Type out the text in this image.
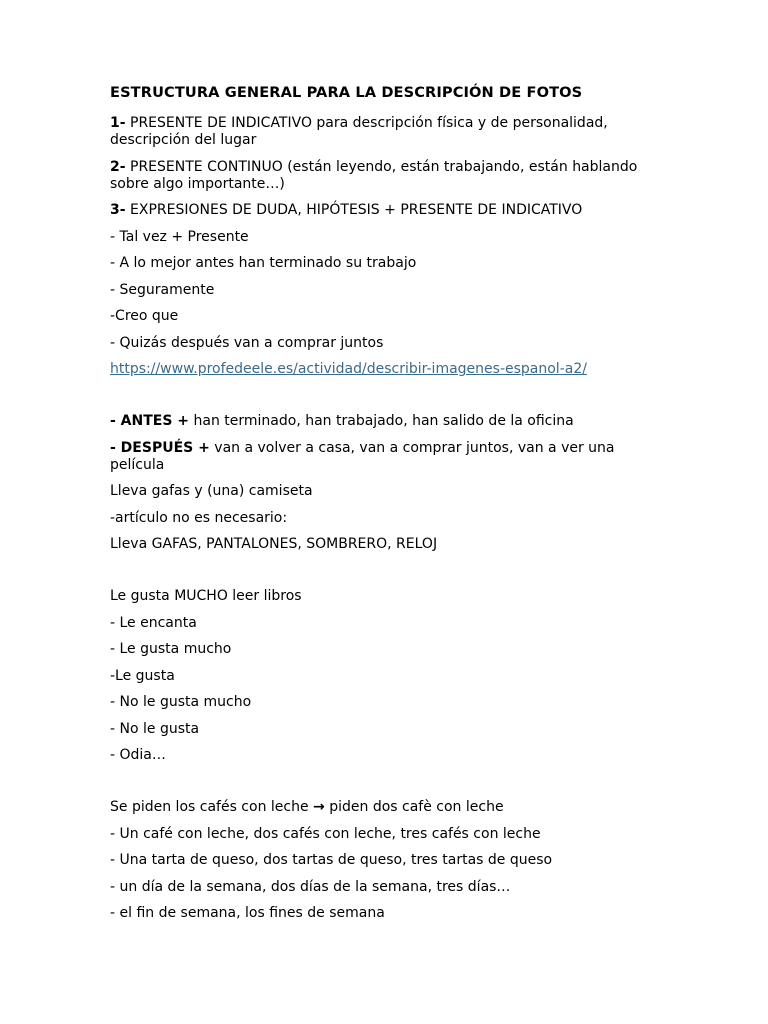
ESTRUCTURA GENERAL PARA LA DESCRIPCIÓN DE FOTOS

1- PRESENTE DE INDICATIVO para descripción física y de personalidad, descripción del lugar

2- PRESENTE CONTINUO (están leyendo, están trabajando, están hablando sobre algo importante…)

3- EXPRESIONES DE DUDA, HIPÓTESIS + PRESENTE DE INDICATIVO

- Tal vez + Presente

- A lo mejor antes han terminado su trabajo

- Seguramente

-Creo que

- Quizás después van a comprar juntos

https://www.profedeele.es/actividad/describir-imagenes-espanol-a2/

- ANTES + han terminado, han trabajado, han salido de la oficina

- DESPUÉS + van a volver a casa, van a comprar juntos, van a ver una película

Lleva gafas y (una) camiseta

-artículo no es necesario:

Lleva GAFAS, PANTALONES, SOMBRERO, RELOJ

Le gusta MUCHO leer libros

- Le encanta

- Le gusta mucho

-Le gusta

- No le gusta mucho

- No le gusta

- Odia…

Se piden los cafés con leche → piden dos cafè con leche

- Un café con leche, dos cafés con leche, tres cafés con leche

- Una tarta de queso, dos tartas de queso, tres tartas de queso

- un día de la semana, dos días de la semana, tres días…

- el fin de semana, los fines de semana
